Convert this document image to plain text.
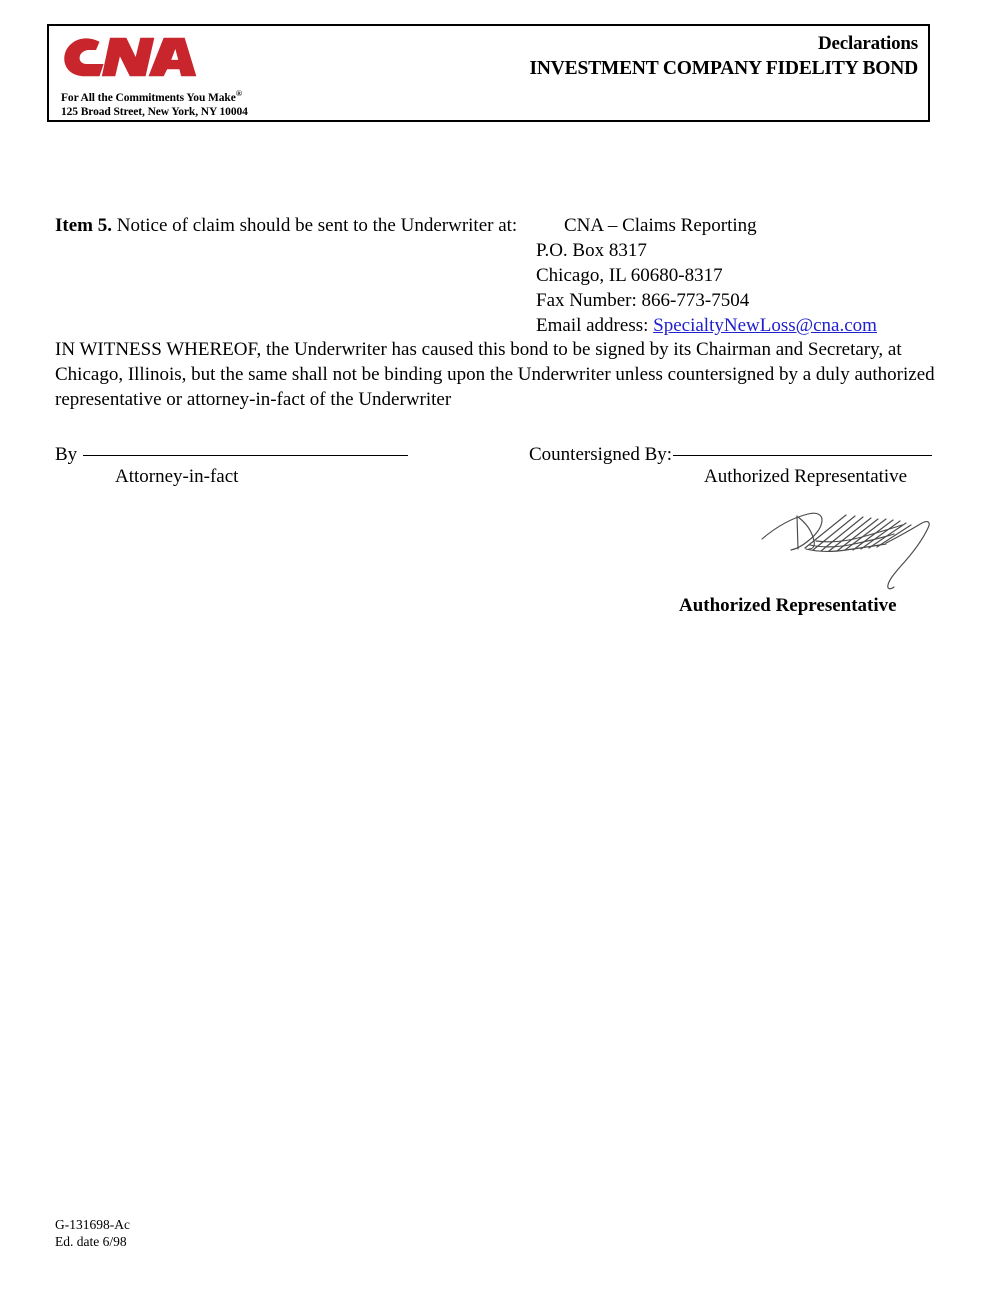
For All the Commitments You Make®
125 Broad Street, New York, NY 10004
Declarations
INVESTMENT COMPANY FIDELITY BOND
Item 5. Notice of claim should be sent to the Underwriter at:	CNA – Claims Reporting
P.O. Box 8317
Chicago, IL 60680-8317
Fax Number: 866-773-7504
Email address: SpecialtyNewLoss@cna.com
IN WITNESS WHEREOF, the Underwriter has caused this bond to be signed by its Chairman and Secretary, at Chicago, Illinois, but the same shall not be binding upon the Underwriter unless countersigned by a duly authorized representative or attorney-in-fact of the Underwriter
By
Attorney-in-fact
Countersigned By:
Authorized Representative
Authorized Representative
G-131698-Ac
Ed. date 6/98
